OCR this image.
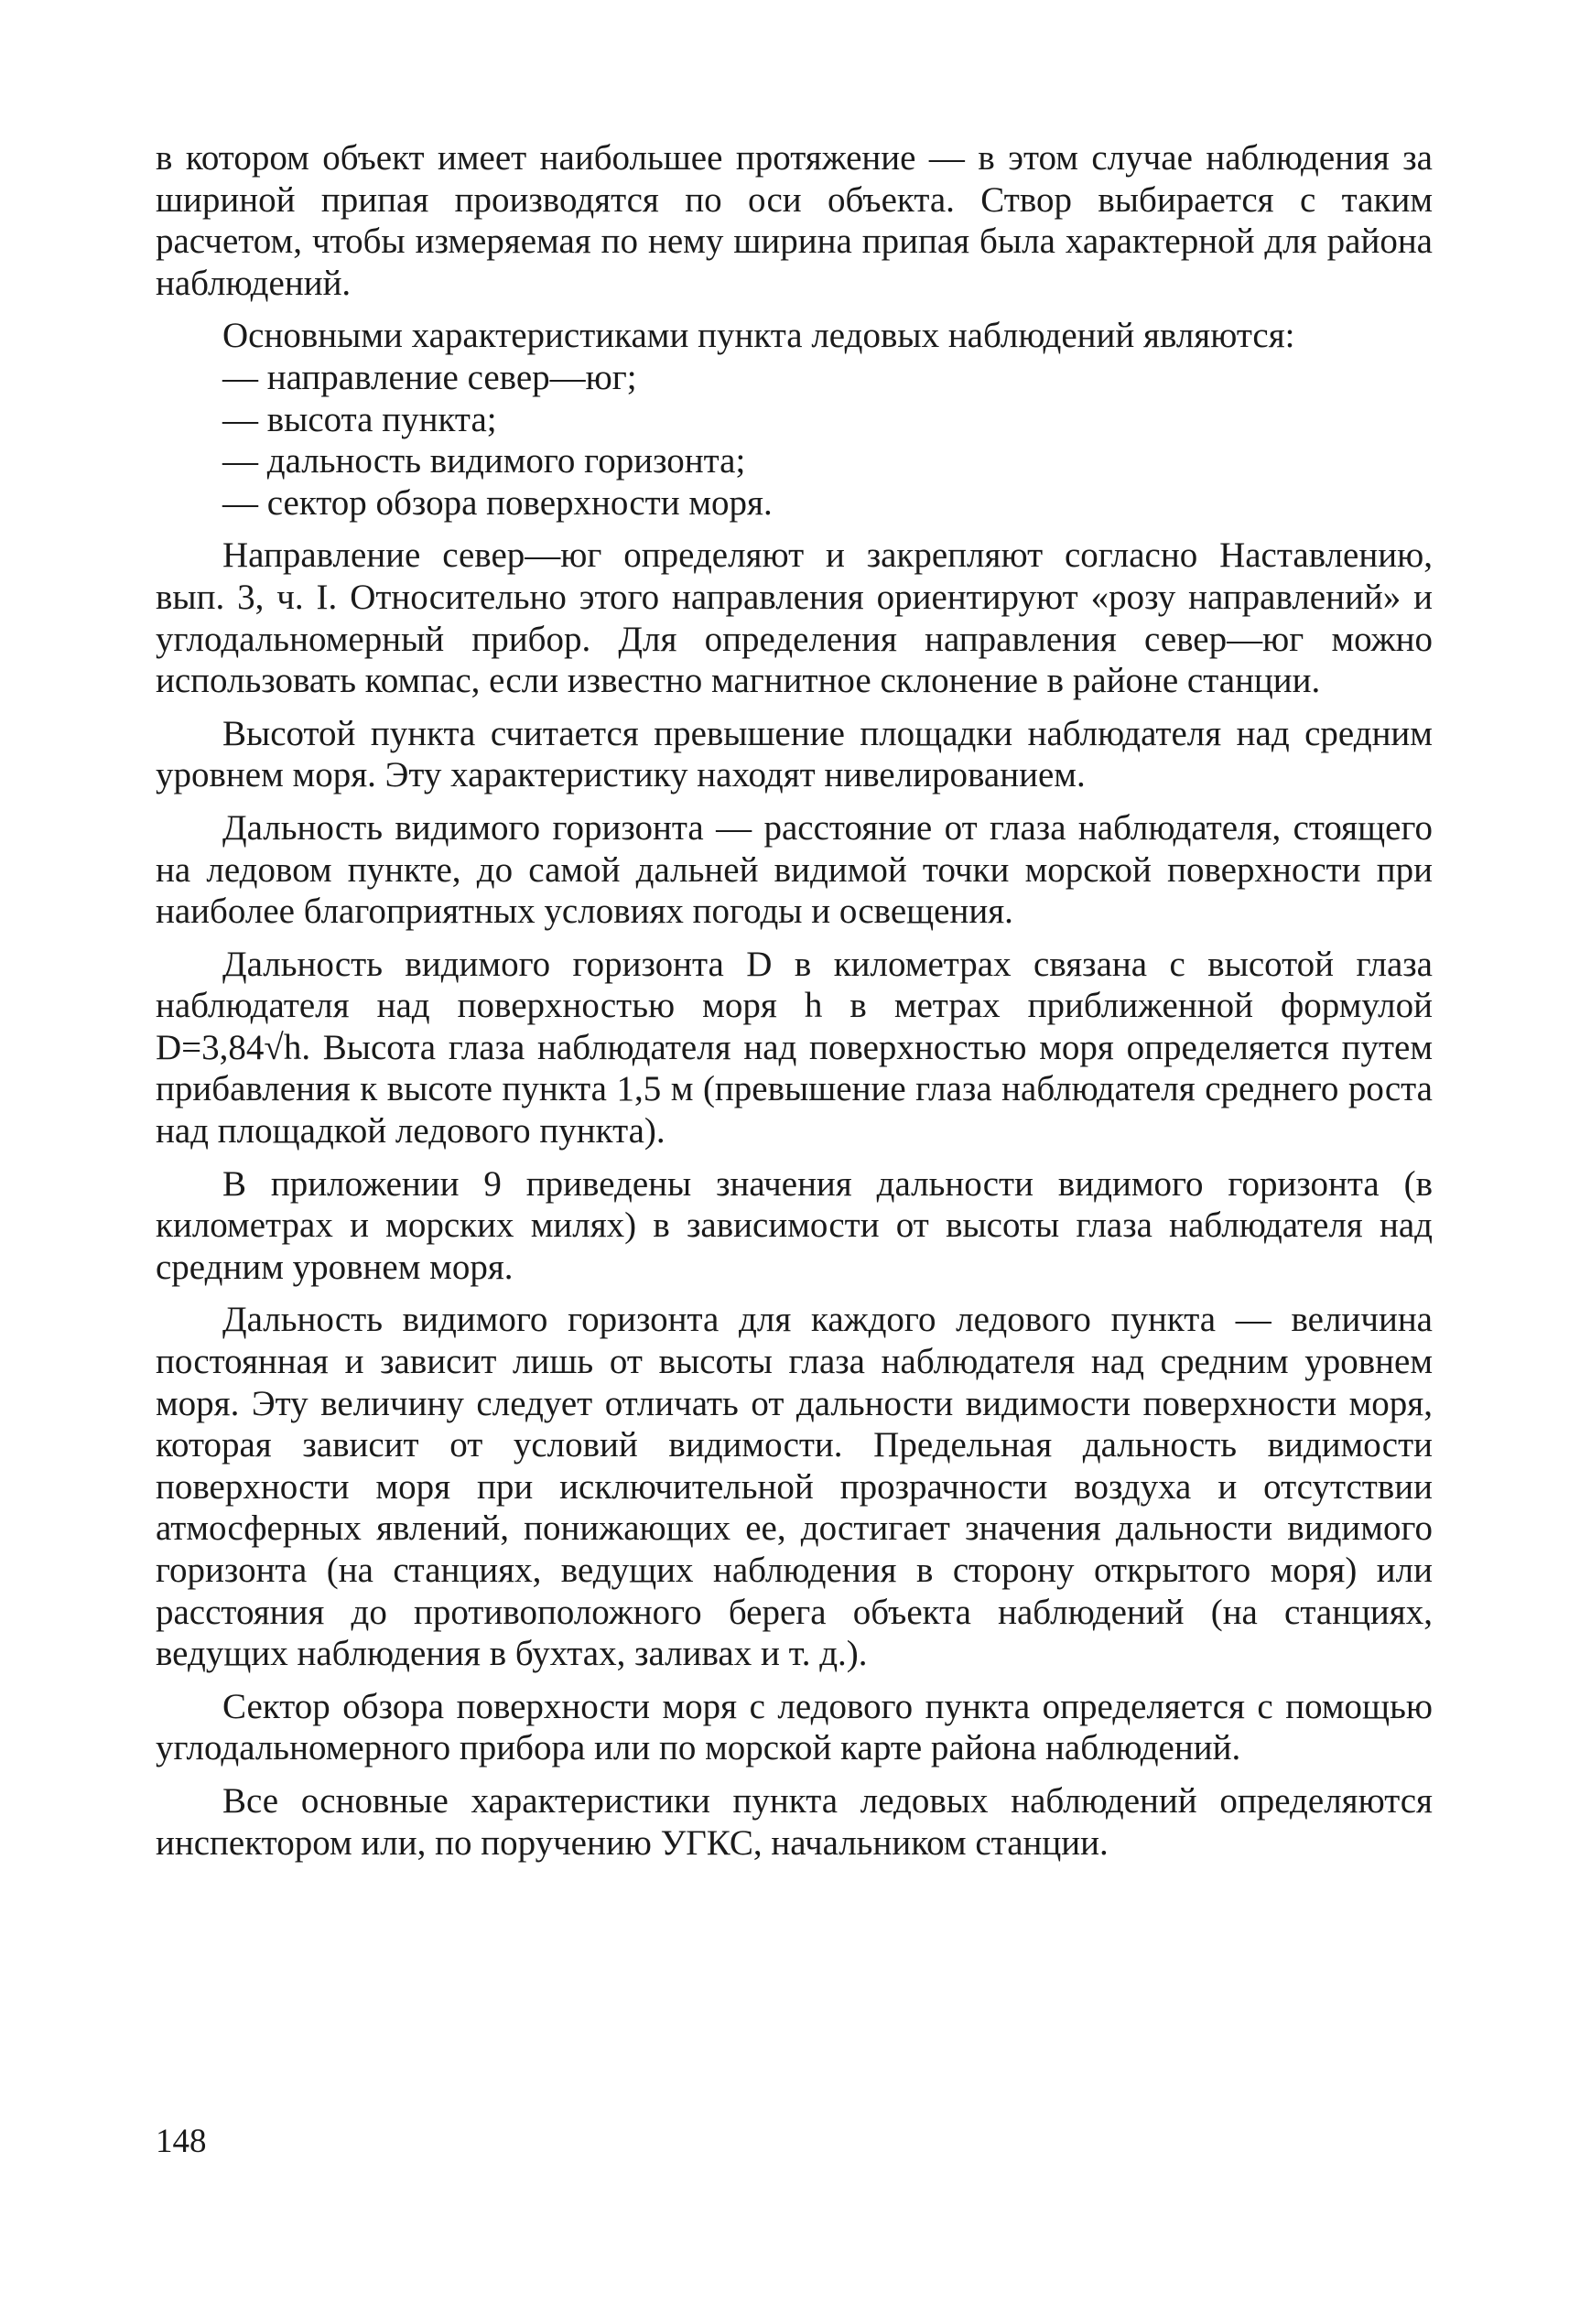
в котором объект имеет наибольшее протяжение — в этом случае наблюдения за шириной припая производятся по оси объекта. Створ выбирается с таким расчетом, чтобы измеряемая по нему ширина припая была характерной для района наблюдений.

Основными характеристиками пункта ледовых наблюдений являются:

— направление север—юг;

— высота пункта;

— дальность видимого горизонта;

— сектор обзора поверхности моря.

Направление север—юг определяют и закрепляют согласно Наставлению, вып. 3, ч. I. Относительно этого направления ориентируют «розу направлений» и углодальномерный прибор. Для определения направления север—юг можно использовать компас, если известно магнитное склонение в районе станции.

Высотой пункта считается превышение площадки наблюдателя над средним уровнем моря. Эту характеристику находят нивелированием.

Дальность видимого горизонта — расстояние от глаза наблюдателя, стоящего на ледовом пункте, до самой дальней видимой точки морской поверхности при наиболее благоприятных условиях погоды и освещения.

Дальность видимого горизонта D в километрах связана с высотой глаза наблюдателя над поверхностью моря h в метрах приближенной формулой D=3,84√h. Высота глаза наблюдателя над поверхностью моря определяется путем прибавления к высоте пункта 1,5 м (превышение глаза наблюдателя среднего роста над площадкой ледового пункта).

В приложении 9 приведены значения дальности видимого горизонта (в километрах и морских милях) в зависимости от высоты глаза наблюдателя над средним уровнем моря.

Дальность видимого горизонта для каждого ледового пункта — величина постоянная и зависит лишь от высоты глаза наблюдателя над средним уровнем моря. Эту величину следует отличать от дальности видимости поверхности моря, которая зависит от условий видимости. Предельная дальность видимости поверхности моря при исключительной прозрачности воздуха и отсутствии атмосферных явлений, понижающих ее, достигает значения дальности видимого горизонта (на станциях, ведущих наблюдения в сторону открытого моря) или расстояния до противоположного берега объекта наблюдений (на станциях, ведущих наблюдения в бухтах, заливах и т. д.).

Сектор обзора поверхности моря с ледового пункта определяется с помощью углодальномерного прибора или по морской карте района наблюдений.

Все основные характеристики пункта ледовых наблюдений определяются инспектором или, по поручению УГКС, начальником станции.

148
